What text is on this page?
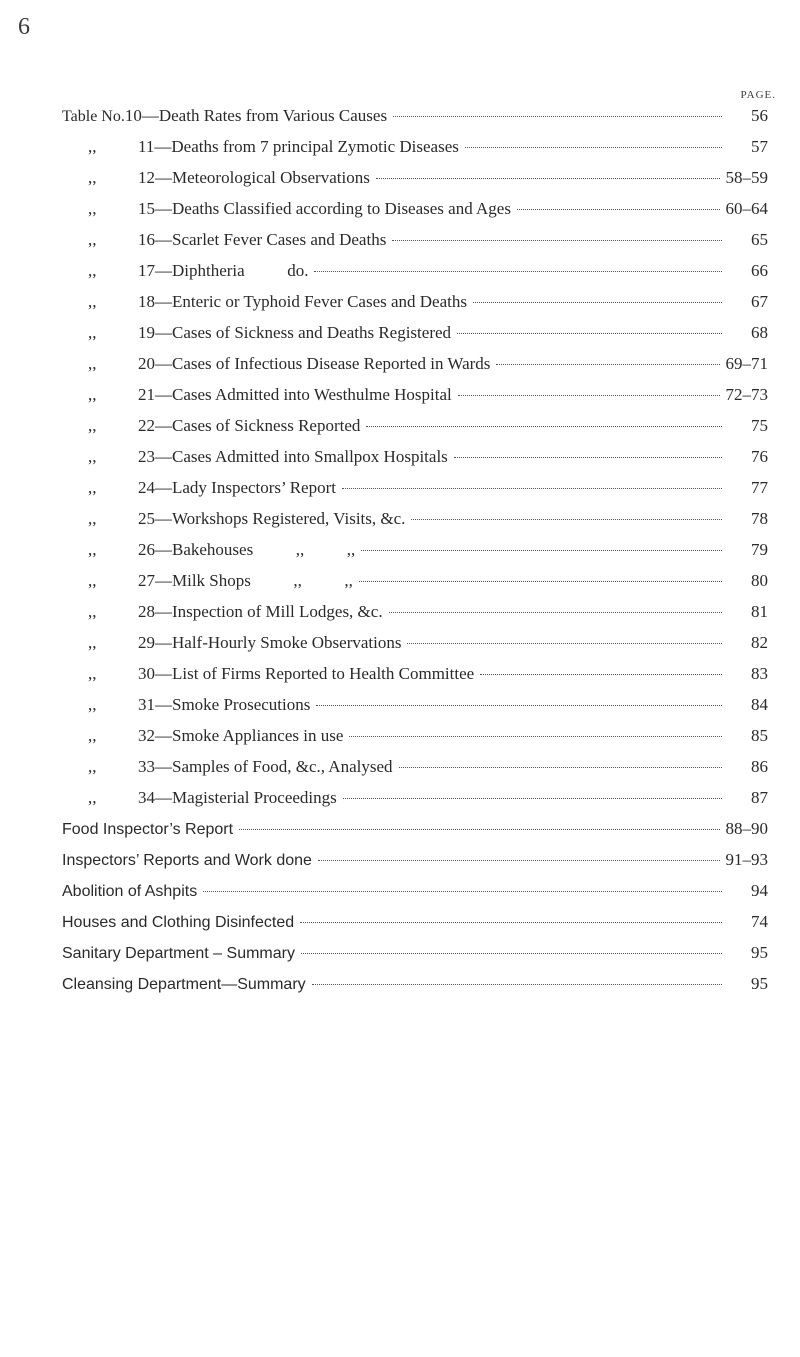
6
PAGE.
Table No. 10—Death Rates from Various Causes	56
,,	11—Deaths from 7 principal Zymotic Diseases	57
,,	12—Meteorological Observations	58–59
,,	15—Deaths Classified according to Diseases and Ages	60–64
,,	16—Scarlet Fever Cases and Deaths	65
,,	17—Diphtheria          do.	66
,,	18—Enteric or Typhoid Fever Cases and Deaths	67
,,	19—Cases of Sickness and Deaths Registered	68
,,	20—Cases of Infectious Disease Reported in Wards	69–71
,,	21—Cases Admitted into Westhulme Hospital	72–73
,,	22—Cases of Sickness Reported	75
,,	23—Cases Admitted into Smallpox Hospitals	76
,,	24—Lady Inspectors’ Report	77
,,	25—Workshops Registered, Visits, &c.	78
,,	26—Bakehouses          ,,          ,,	79
,,	27—Milk Shops          ,,          ,,	80
,,	28—Inspection of Mill Lodges, &c.	81
,,	29—Half-Hourly Smoke Observations	82
,,	30—List of Firms Reported to Health Committee	83
,,	31—Smoke Prosecutions	84
,,	32—Smoke Appliances in use	85
,,	33—Samples of Food, &c., Analysed	86
,,	34—Magisterial Proceedings	87
Food Inspector’s Report	88–90
Inspectors’ Reports and Work done	91–93
Abolition of Ashpits	94
Houses and Clothing Disinfected	74
Sanitary Department – Summary	95
Cleansing Department—Summary	95
